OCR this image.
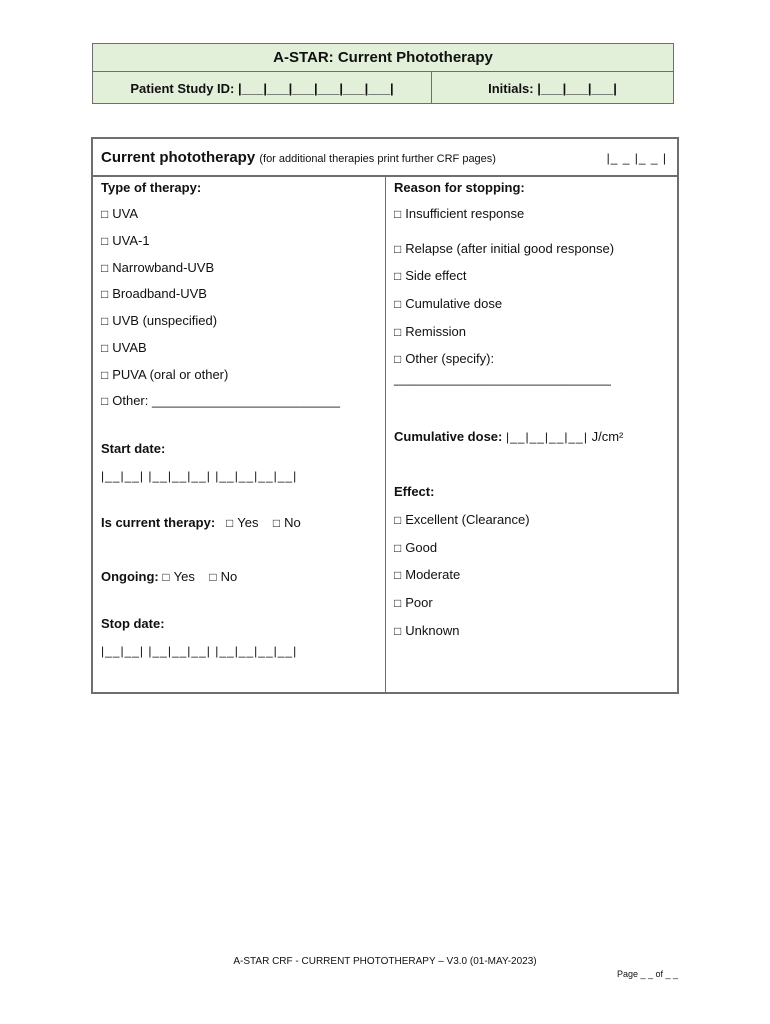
A-STAR: Current Phototherapy
Patient Study ID: |___|___|___|___|___|___|	Initials: |___|___|___|
Current phototherapy (for additional therapies print further CRF pages)	|_ _ |_ _ |
Type of therapy:
□ UVA
□ UVA-1
□ Narrowband-UVB
□ Broadband-UVB
□ UVB (unspecified)
□ UVAB
□ PUVA (oral or other)
□ Other: __________________________
Start date:
|__|__| |__|__|__| |__|__|__|__|
Is current therapy: □ Yes □ No
Ongoing: □ Yes □ No
Stop date:
|__|__| |__|__|__| |__|__|__|__|
Reason for stopping:
□ Insufficient response
□ Relapse (after initial good response)
□ Side effect
□ Cumulative dose
□ Remission
□ Other (specify):
______________________________
Cumulative dose: |__|__|__|__| J/cm²
Effect:
□ Excellent (Clearance)
□ Good
□ Moderate
□ Poor
□ Unknown
A-STAR CRF - CURRENT PHOTOTHERAPY – V3.0 (01-MAY-2023)
Page _ _ of _ _
